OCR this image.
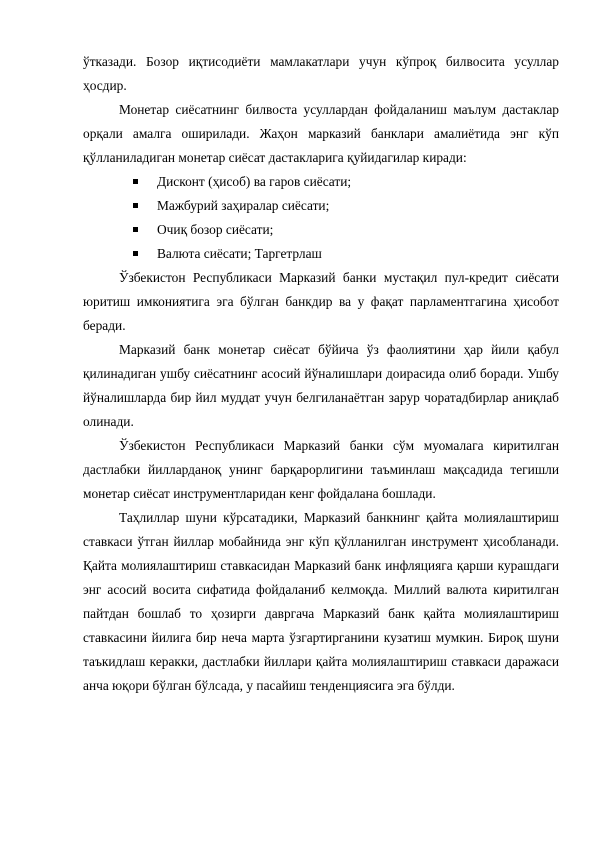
ўтказади. Бозор иқтисодиёти мамлакатлари учун кўпроқ билвосита усуллар ҳосдир.

Монетар сиёсатнинг билвоста усуллардан фойдаланиш маълум дастаклар орқали амалга оширилади. Жаҳон марказий банклари амалиётида энг кўп қўлланиладиган монетар сиёсат дастакларига қуйидагилар киради:

Дисконт (ҳисоб) ва гаров сиёсати;
Мажбурий заҳиралар сиёсати;
Очиқ бозор сиёсати;
Валюта сиёсати; Таргетрлаш

Ўзбекистон Республикаси Марказий банки мустақил пул-кредит сиёсати юритиш имкониятига эга бўлган банкдир ва у фақат парламентгагина ҳисобот беради.

Марказий банк монетар сиёсат бўйича ўз фаолиятини ҳар йили қабул қилинадиган ушбу сиёсатнинг асосий йўналишлари доирасида олиб боради. Ушбу йўналишларда бир йил муддат учун белгиланаётган зарур чоратадбирлар аниқлаб олинади.

Ўзбекистон Республикаси Марказий банки сўм муомалага киритилган дастлабки йилларданоқ унинг барқарорлигини таъминлаш мақсадида тегишли монетар сиёсат инструментларидан кенг фойдалана бошлади.

Таҳлиллар шуни кўрсатадики, Марказий банкнинг қайта молиялаштириш ставкаси ўтган йиллар мобайнида энг кўп қўлланилган инструмент ҳисобланади. Қайта молиялаштириш ставкасидан Марказий банк инфляцияга қарши курашдаги энг асосий восита сифатида фойдаланиб келмоқда. Миллий валюта киритилган пайтдан бошлаб то ҳозирги давргача Марказий банк қайта молиялаштириш ставкасини йилига бир неча марта ўзгартирганини кузатиш мумкин. Бироқ шуни таъкидлаш керакки, дастлабки йиллари қайта молиялаштириш ставкаси даражаси анча юқори бўлган бўлсада, у пасайиш тенденциясига эга бўлди.
